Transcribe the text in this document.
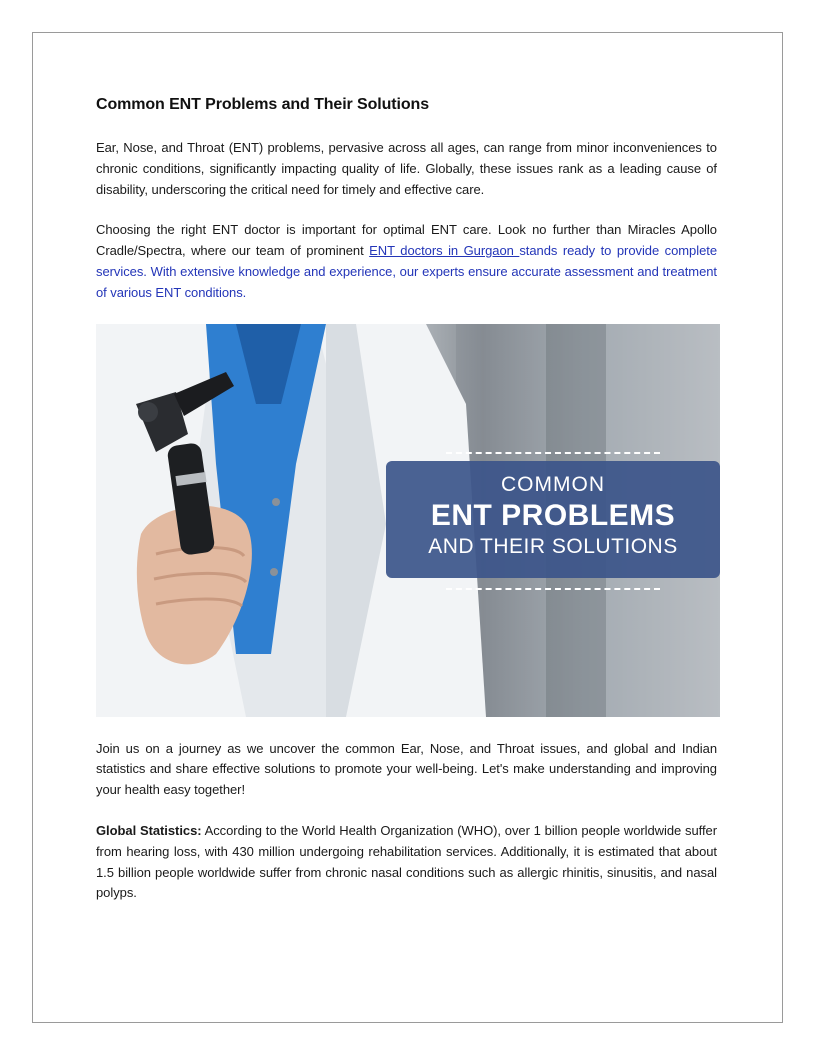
Common ENT Problems and Their Solutions

Ear, Nose, and Throat (ENT) problems, pervasive across all ages, can range from minor inconveniences to chronic conditions, significantly impacting quality of life. Globally, these issues rank as a leading cause of disability, underscoring the critical need for timely and effective care.

Choosing the right ENT doctor is important for optimal ENT care. Look no further than Miracles Apollo Cradle/Spectra, where our team of prominent ENT doctors in Gurgaon stands ready to provide complete services. With extensive knowledge and experience, our experts ensure accurate assessment and treatment of various ENT conditions.

COMMON
ENT PROBLEMS
AND THEIR SOLUTIONS

Join us on a journey as we uncover the common Ear, Nose, and Throat issues, and global and Indian statistics and share effective solutions to promote your well-being. Let's make understanding and improving your health easy together!

Global Statistics: According to the World Health Organization (WHO), over 1 billion people worldwide suffer from hearing loss, with 430 million undergoing rehabilitation services. Additionally, it is estimated that about 1.5 billion people worldwide suffer from chronic nasal conditions such as allergic rhinitis, sinusitis, and nasal polyps.
